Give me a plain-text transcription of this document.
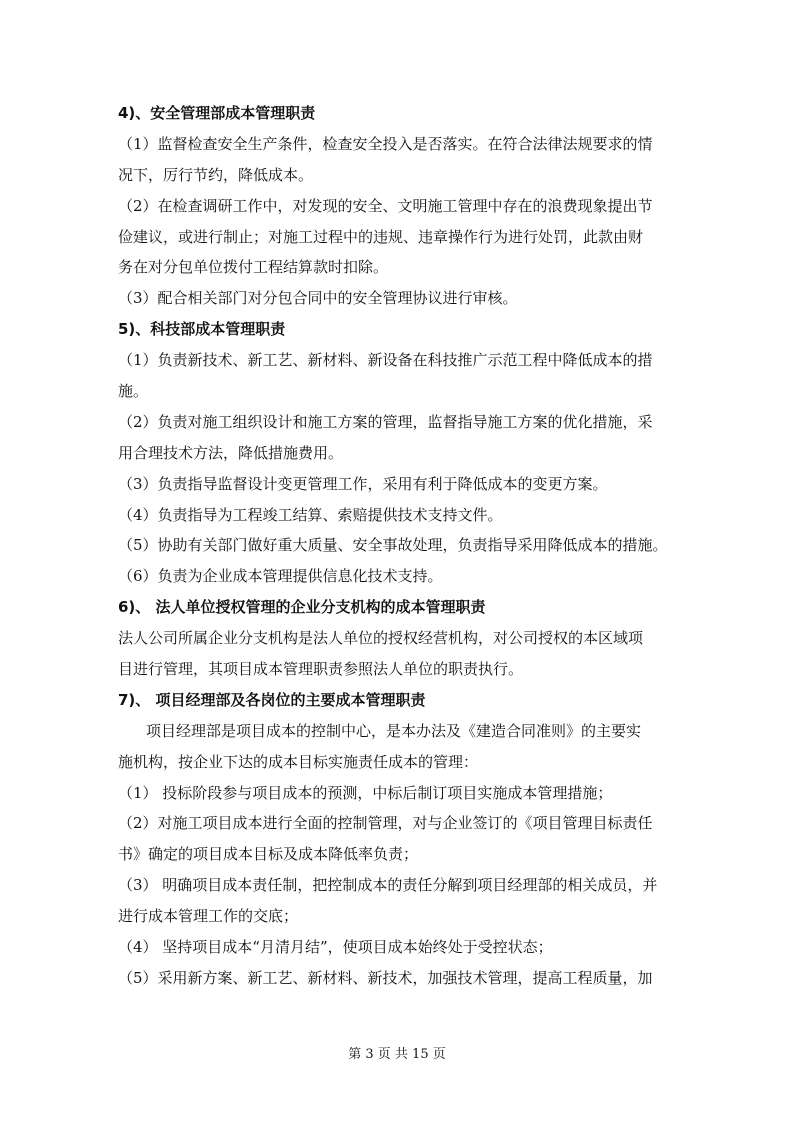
4)、安全管理部成本管理职责
（1）监督检查安全生产条件，检查安全投入是否落实。在符合法律法规要求的情
况下，厉行节约，降低成本。
（2）在检查调研工作中，对发现的安全、文明施工管理中存在的浪费现象提出节
俭建议，或进行制止；对施工过程中的违规、违章操作行为进行处罚，此款由财
务在对分包单位拨付工程结算款时扣除。
（3）配合相关部门对分包合同中的安全管理协议进行审核。
5)、科技部成本管理职责
（1）负责新技术、新工艺、新材料、新设备在科技推广示范工程中降低成本的措
施。
（2）负责对施工组织设计和施工方案的管理，监督指导施工方案的优化措施，采
用合理技术方法，降低措施费用。
（3）负责指导监督设计变更管理工作，采用有利于降低成本的变更方案。
（4）负责指导为工程竣工结算、索赔提供技术支持文件。
（5）协助有关部门做好重大质量、安全事故处理，负责指导采用降低成本的措施。
（6）负责为企业成本管理提供信息化技术支持。
6)、 法人单位授权管理的企业分支机构的成本管理职责
法人公司所属企业分支机构是法人单位的授权经营机构，对公司授权的本区域项
目进行管理，其项目成本管理职责参照法人单位的职责执行。
7)、 项目经理部及各岗位的主要成本管理职责
项目经理部是项目成本的控制中心，是本办法及《建造合同准则》的主要实
施机构，按企业下达的成本目标实施责任成本的管理：
（1） 投标阶段参与项目成本的预测，中标后制订项目实施成本管理措施；
（2）对施工项目成本进行全面的控制管理，对与企业签订的《项目管理目标责任
书》确定的项目成本目标及成本降低率负责；
（3） 明确项目成本责任制，把控制成本的责任分解到项目经理部的相关成员，并
进行成本管理工作的交底；
（4） 坚持项目成本“月清月结”，使项目成本始终处于受控状态；
（5）采用新方案、新工艺、新材料、新技术，加强技术管理，提高工程质量，加
第 3 页 共 15 页
